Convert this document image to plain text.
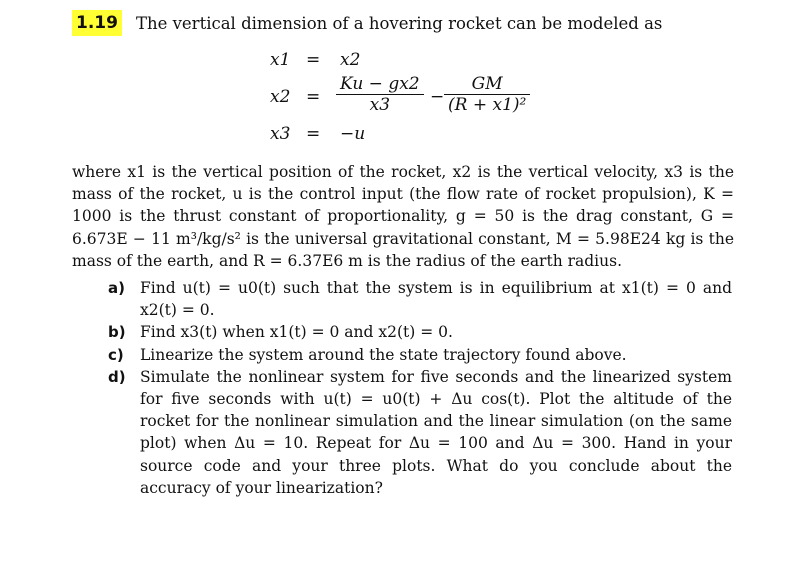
1.19 The vertical dimension of a hovering rocket can be modeled as
x1 = x2
$x2 = \frac{Ku - gx2}{x3} - \frac{GM}{\text{(R + x1)²}}$
x3 = −u
where x1 is the vertical position of the rocket, x2 is the vertical velocity, x3 is the mass of the rocket, u is the control input (the flow rate of rocket propulsion), K = 1000 is the thrust constant of proportionality, g = 50 is the drag constant, G = 6.673E − 11 m³/kg/s² is the universal gravitational constant, M = 5.98E24 kg is the mass of the earth, and R = 6.37E6 m is the radius of the earth radius.
a) Find u(t) = u0(t) such that the system is in equilibrium at x1(t) = 0 and x2(t) = 0.
b) Find x3(t) when x1(t) = 0 and x2(t) = 0.
c)	Linearize the system around the state trajectory found above.
d) Simulate the nonlinear system for five seconds and the linearized system for five seconds with u(t) = u0(t) + Δu cos(t). Plot the altitude of the rocket for the nonlinear simulation and the linear simulation (on the same plot) when Δu = 10. Repeat for Δu = 100 and Δu = 300. Hand in your source code and your three plots. What do you conclude about the accuracy of your linearization?
